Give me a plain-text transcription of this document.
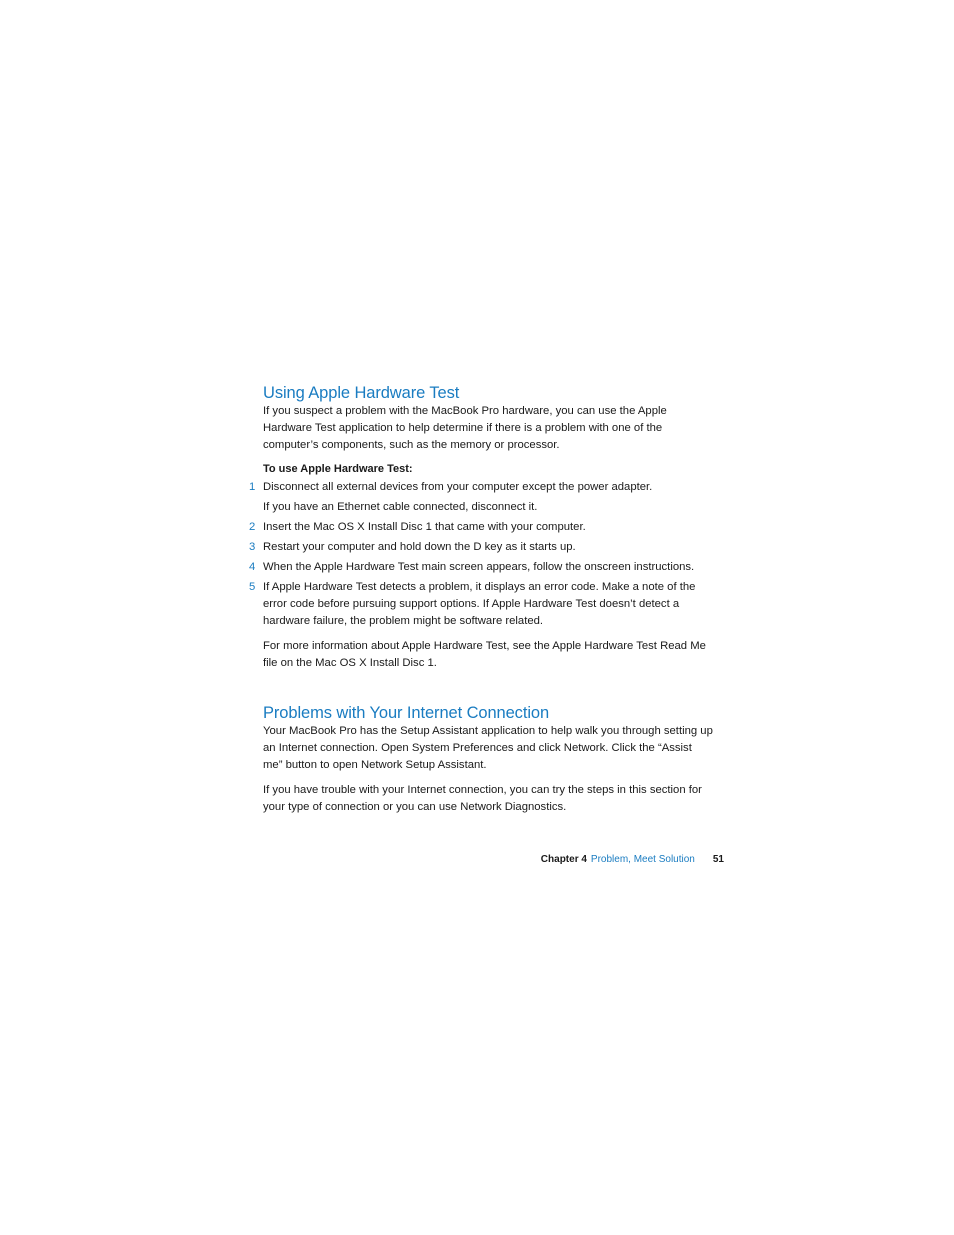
Using Apple Hardware Test

If you suspect a problem with the MacBook Pro hardware, you can use the Apple Hardware Test application to help determine if there is a problem with one of the computer’s components, such as the memory or processor.

To use Apple Hardware Test:

1 Disconnect all external devices from your computer except the power adapter.

If you have an Ethernet cable connected, disconnect it.

2 Insert the Mac OS X Install Disc 1 that came with your computer.
3 Restart your computer and hold down the D key as it starts up.
4 When the Apple Hardware Test main screen appears, follow the onscreen instructions.
5 If Apple Hardware Test detects a problem, it displays an error code. Make a note of the error code before pursuing support options. If Apple Hardware Test doesn’t detect a hardware failure, the problem might be software related.

For more information about Apple Hardware Test, see the Apple Hardware Test Read Me file on the Mac OS X Install Disc 1.

Problems with Your Internet Connection

Your MacBook Pro has the Setup Assistant application to help walk you through setting up an Internet connection. Open System Preferences and click Network. Click the “Assist me” button to open Network Setup Assistant.

If you have trouble with your Internet connection, you can try the steps in this section for your type of connection or you can use Network Diagnostics.

Chapter 4 Problem, Meet Solution 51
